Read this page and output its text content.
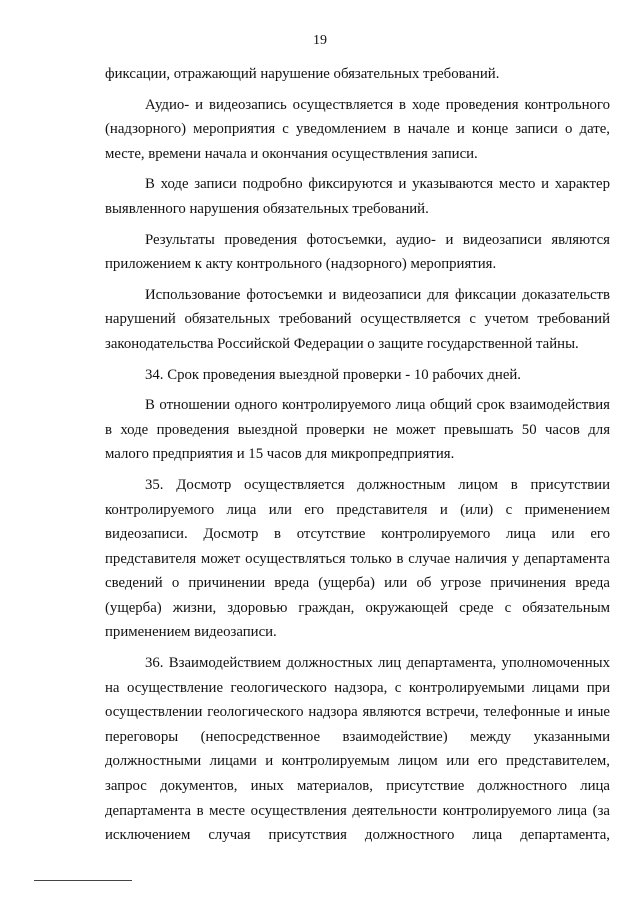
19

фиксации, отражающий нарушение обязательных требований.

Аудио- и видеозапись осуществляется в ходе проведения контрольного (надзорного) мероприятия с уведомлением в начале и конце записи о дате, месте, времени начала и окончания осуществления записи.

В ходе записи подробно фиксируются и указываются место и характер выявленного нарушения обязательных требований.

Результаты проведения фотосъемки, аудио- и видеозаписи являются приложением к акту контрольного (надзорного) мероприятия.

Использование фотосъемки и видеозаписи для фиксации доказательств нарушений обязательных требований осуществляется с учетом требований законодательства Российской Федерации о защите государственной тайны.

34. Срок проведения выездной проверки - 10 рабочих дней.

В отношении одного контролируемого лица общий срок взаимодействия в ходе проведения выездной проверки не может превышать 50 часов для малого предприятия и 15 часов для микропредприятия.

35. Досмотр осуществляется должностным лицом в присутствии контролируемого лица или его представителя и (или) с применением видеозаписи. Досмотр в отсутствие контролируемого лица или его представителя может осуществляться только в случае наличия у департамента сведений о причинении вреда (ущерба) или об угрозе причинения вреда (ущерба) жизни, здоровью граждан, окружающей среде с обязательным применением видеозаписи.

36. Взаимодействием должностных лиц департамента, уполномоченных на осуществление геологического надзора, с контролируемыми лицами при осуществлении геологического надзора являются встречи, телефонные и иные переговоры (непосредственное взаимодействие) между указанными должностными лицами и контролируемым лицом или его представителем, запрос документов, иных материалов, присутствие должностного лица департамента в месте осуществления деятельности контролируемого лица (за исключением случая присутствия должностного лица департамента,
